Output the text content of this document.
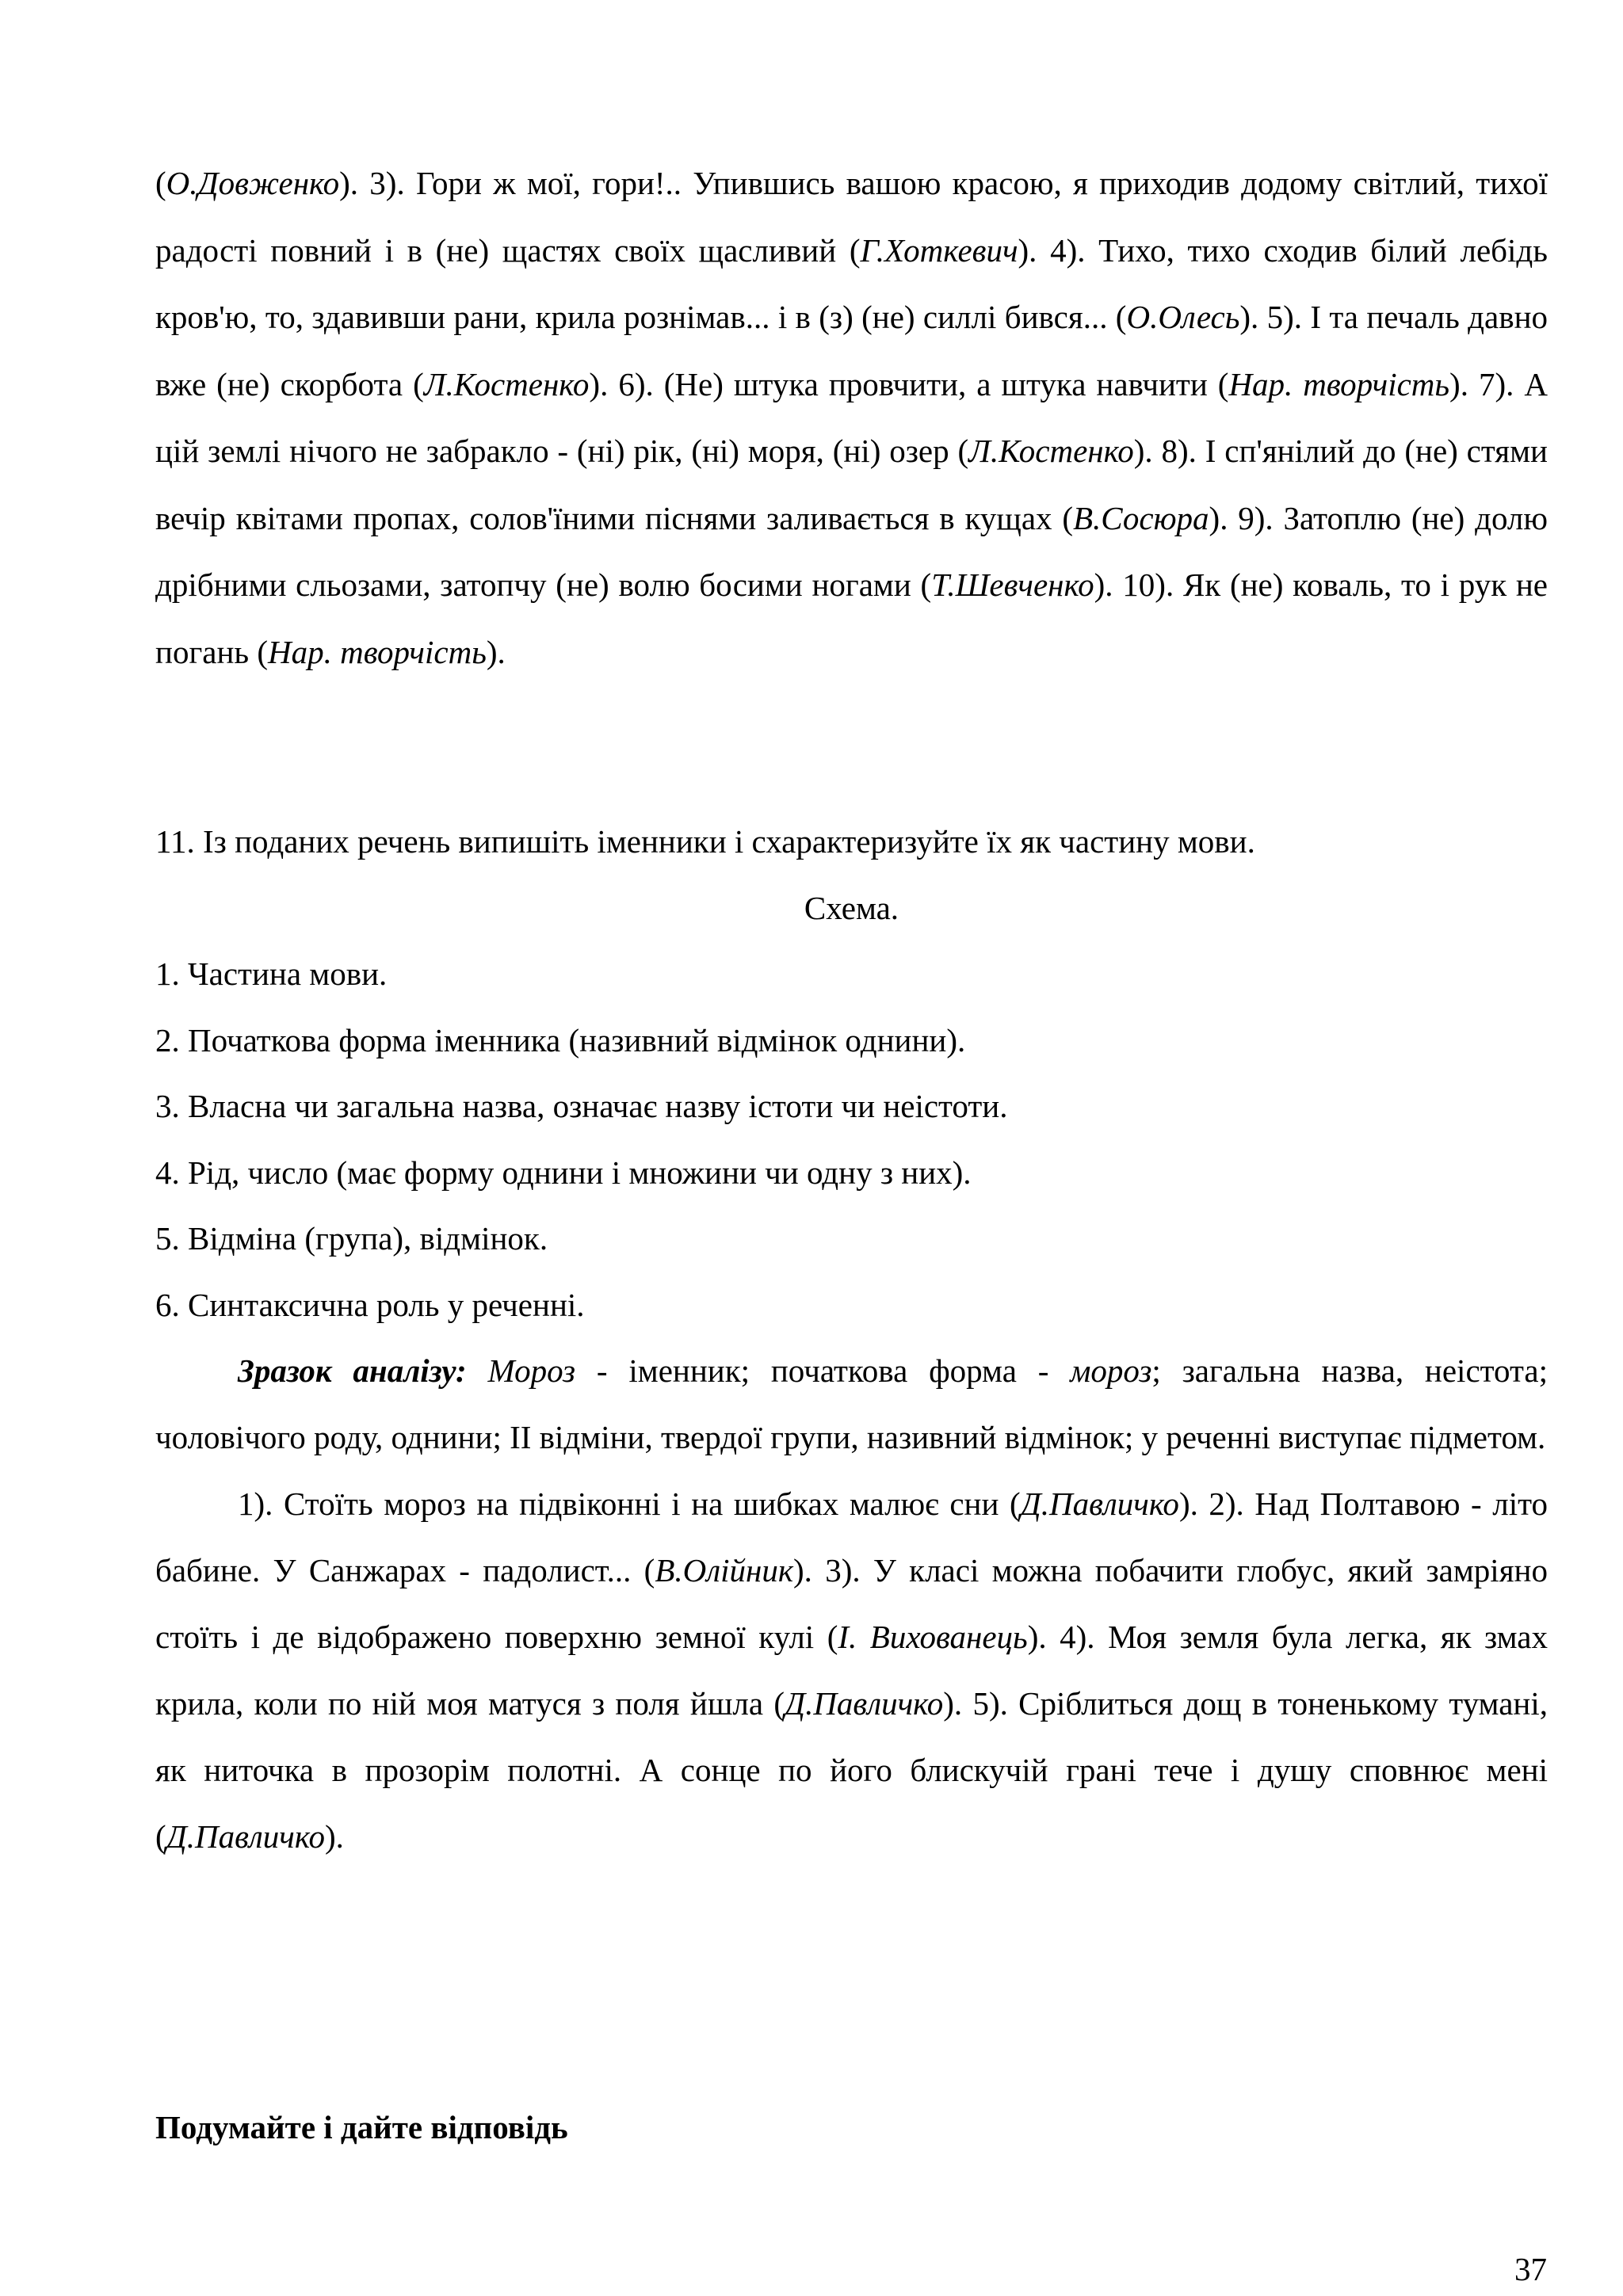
(О.Довженко). 3). Гори ж мої, гори!.. Упившись вашою красою, я приходив додому світлий, тихої радості повний і в (не) щастях своїх щасливий (Г.Хоткевич). 4). Тихо, тихо сходив білий лебідь кров'ю, то, здавивши рани, крила рознімав... і в (з) (не) силлі бився... (О.Олесь). 5). І та печаль давно вже (не) скорбота (Л.Костенко). 6). (Не) штука провчити, а штука навчити (Нар. творчість). 7). А цій землі нічого не забракло - (ні) рік, (ні) моря, (ні) озер (Л.Костенко). 8). І сп'янілий до (не) стями вечір квітами пропах, солов'їними піснями заливається в кущах (В.Сосюра). 9). Затоплю (не) долю дрібними сльозами, затопчу (не) волю босими ногами (Т.Шевченко). 10). Як (не) коваль, то і рук не погань (Нар. творчість).

11. Із поданих речень випишіть іменники і схарактеризуйте їх як частину мови.

Схема.

1. Частина мови.

2. Початкова форма іменника (називний відмінок однини).

3. Власна чи загальна назва, означає назву істоти чи неістоти.

4. Рід, число (має форму однини і множини чи одну з них).

5. Відміна (група), відмінок.

6. Синтаксична роль у реченні.

Зразок аналізу: Мороз - іменник; початкова форма - мороз; загальна назва, неістота; чоловічого роду, однини; ІІ відміни, твердої групи, називний відмінок; у реченні виступає підметом.

1). Стоїть мороз на підвіконні і на шибках малює сни (Д.Павличко). 2). Над Полтавою - літо бабине. У Санжарах - падолист... (В.Олійник). 3). У класі можна побачити глобус, який замріяно стоїть і де відображено поверхню земної кулі (І. Вихованець). 4). Моя земля була легка, як змах крила, коли по ній моя матуся з поля йшла (Д.Павличко). 5). Сріблиться дощ в тоненькому тумані, як ниточка в прозорім полотні. А сонце по його блискучій грані тече і душу сповнює мені (Д.Павличко).

Подумайте і дайте відповідь

37
